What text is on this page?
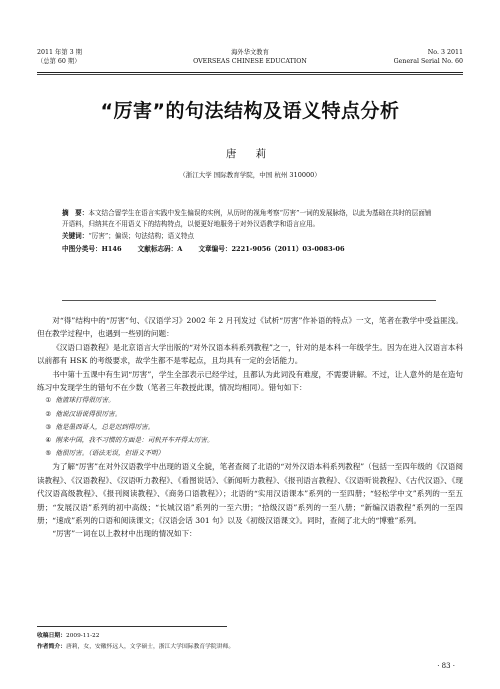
2011 年第 3 期
（总第 60 期）
海外华文教育
OVERSEAS CHINESE EDUCATION
No. 3 2011
General Serial No. 60
“厉害”的句法结构及语义特点分析
唐 莉
（浙江大学 国际教育学院，中国 杭州 310000）

摘　要：本文结合留学生在语言实践中发生偏误的实例，从历时的视角考察“厉害”一词的发展脉络，以此为基础在共时的层面铺开语料，归纳其在不用语义下的结构特点，以便更好地服务于对外汉语教学和语言应用。

关键词：“厉害”；偏误；句法结构；语义特点

中图分类号：H146 文献标志码：A 文章编号：2221-9056（2011）03-0083-06

对“得”结构中的“厉害”句、《汉语学习》2002 年 2 月刊发过《试析“厉害”作补语的特点》一文，笔者在教学中受益匪浅。但在教学过程中，也遇到一些别的问题：

《汉语口语教程》是北京语言大学出版的“对外汉语本科系列教程”之一，针对的是本科一年级学生。因为在进入汉语言本科以前都有 HSK 的考级要求，故学生都不是零起点，且均具有一定的会话能力。

书中第十五课中有生词“厉害”，学生全部表示已经学过，且都认为此词没有难度，不需要讲解。不过，让人意外的是在造句练习中发现学生的错句不在少数（笔者三年教授此课，情况均相同）。错句如下：

① 他篮球打得很厉害。
② 他说汉语说得很厉害。
③ 他是墨西哥人，总是迟到得厉害。
④ 刚来中国，我不习惯的方面是：司机开车开得太厉害。
⑤ 他很厉害。（语法无误，但语义不明）

为了解“厉害”在对外汉语教学中出现的语义全貌，笔者查阅了北语的“对外汉语本科系列教程”（包括一至四年级的《汉语阅读教程》、《汉语教程》、《汉语听力教程》、《看图说话》、《新闻听力教程》、《报刊语言教程》、《汉语听说教程》、《古代汉语》、《现代汉语高级教程》、《报刊阅读教程》、《商务口语教程》）；北语的“实用汉语课本”系列的一至四册；“轻松学中文”系列的一至五册；“发展汉语”系列的初中高级；“长城汉语”系列的一至六册；“拾级汉语”系列的一至八册；“新编汉语教程”系列的一至四册；“速成”系列的口语和阅读课文；《汉语会话 301 句》以及《初级汉语课文》。同时，查阅了北大的“博雅”系列。

“厉害”一词在以上教材中出现的情况如下：

收稿日期：2009-11-22
作者简介：唐莉，女，安徽怀远人，文学硕士，浙江大学国际教育学院讲师。
· 83 ·
